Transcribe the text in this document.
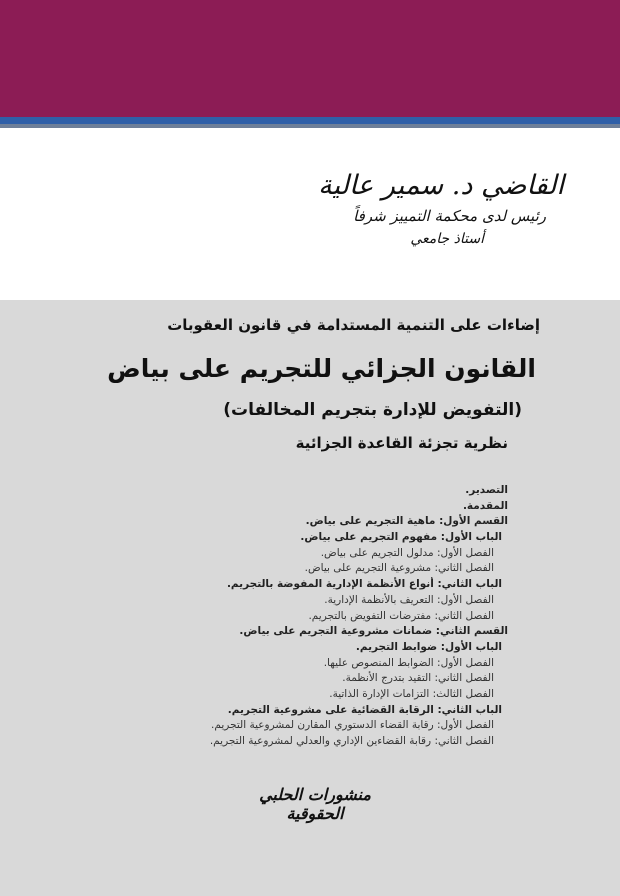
القاضي د. سمير عالية
رئيس لدى محكمة التمييز شرفاً
أستاذ جامعي
إضاءات على التنمية المستدامة في قانون العقوبات
القانون الجزائي للتجريم على بياض
(التفويض للإدارة بتجريم المخالفات)
نظرية تجزئة القاعدة الجزائية
التصدير.
المقدمة.
القسم الأول: ماهية التجريم على بياض.
الباب الأول: مفهوم التجريم على بياض.
الفصل الأول: مدلول التجريم على بياض.
الفصل الثاني: مشروعية التجريم على بياض.
الباب الثاني: أنواع الأنظمة الإدارية المفوضة بالتجريم.
الفصل الأول: التعريف بالأنظمة الإدارية.
الفصل الثاني: مفترضات التفويض بالتجريم.
القسم الثاني: ضمانات مشروعية التجريم على بياض.
الباب الأول: ضوابط التجريم.
الفصل الأول: الضوابط المنصوص عليها.
الفصل الثاني: التقيد بتدرج الأنظمة.
الفصل الثالث: التزامات الإدارة الذاتية.
الباب الثاني: الرقابة القضائية على مشروعية التجريم.
الفصل الأول: رقابة القضاء الدستوري المقارن لمشروعية التجريم.
الفصل الثاني: رقابة القضاءين الإداري والعدلي لمشروعية التجريم.
منشورات الحلبي الحقوقية
